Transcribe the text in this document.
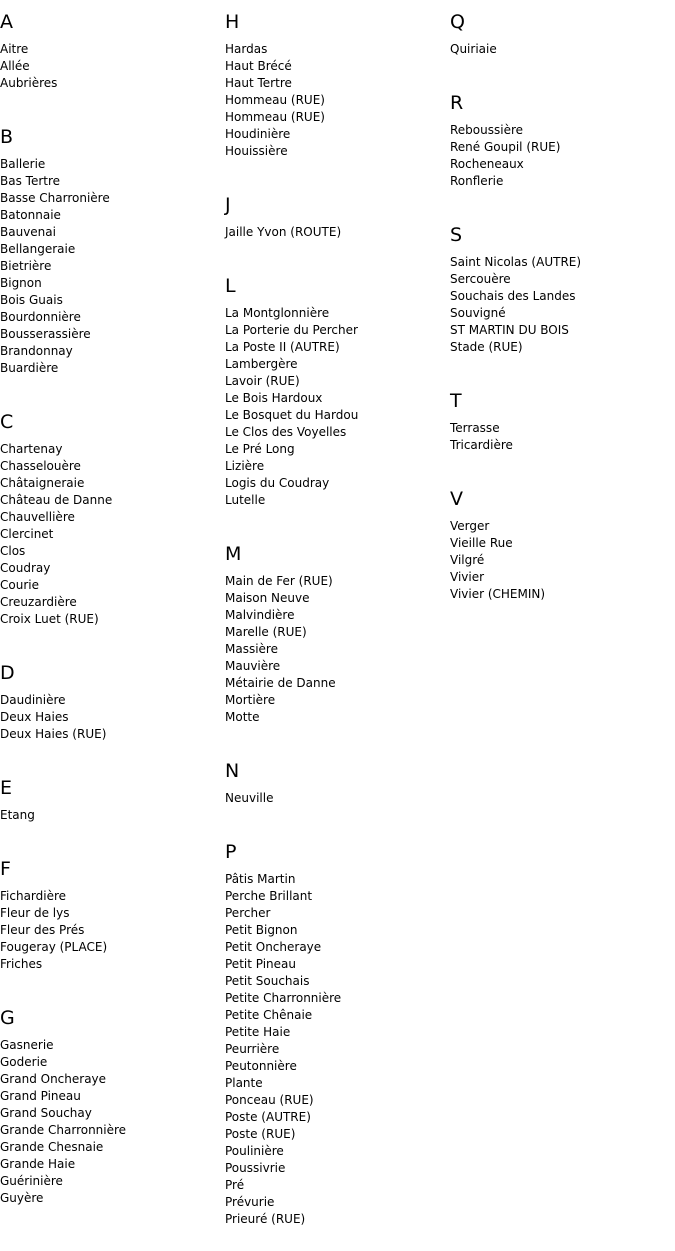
A
Aitre
Allée
Aubrières
B
Ballerie
Bas Tertre
Basse Charronière
Batonnaie
Bauvenai
Bellangeraie
Bietrière
Bignon
Bois Guais
Bourdonnière
Bousserassière
Brandonnay
Buardière
C
Chartenay
Chasselouère
Châtaigneraie
Château de Danne
Chauvellière
Clercinet
Clos
Coudray
Courie
Creuzardière
Croix Luet (RUE)
D
Daudinière
Deux Haies
Deux Haies (RUE)
E
Etang
F
Fichardière
Fleur de lys
Fleur des Prés
Fougeray (PLACE)
Friches
G
Gasnerie
Goderie
Grand Oncheraye
Grand Pineau
Grand Souchay
Grande Charronnière
Grande Chesnaie
Grande Haie
Guérinière
Guyère
H
Hardas
Haut Brécé
Haut Tertre
Hommeau (RUE)
Hommeau (RUE)
Houdinière
Houissière
J
Jaille Yvon (ROUTE)
L
La Montglonnière
La Porterie du Percher
La Poste II (AUTRE)
Lambergère
Lavoir (RUE)
Le Bois Hardoux
Le Bosquet du Hardou
Le Clos des Voyelles
Le Pré Long
Lizière
Logis du Coudray
Lutelle
M
Main de Fer (RUE)
Maison Neuve
Malvindière
Marelle (RUE)
Massière
Mauvière
Métairie de Danne
Mortière
Motte
N
Neuville
P
Pâtis Martin
Perche Brillant
Percher
Petit Bignon
Petit Oncheraye
Petit Pineau
Petit Souchais
Petite Charronnière
Petite Chênaie
Petite Haie
Peurrière
Peutonnière
Plante
Ponceau (RUE)
Poste (AUTRE)
Poste (RUE)
Poulinière
Poussivrie
Pré
Prévurie
Prieuré (RUE)
Q
Quiriaie
R
Reboussière
René Goupil (RUE)
Rocheneaux
Ronflerie
S
Saint Nicolas (AUTRE)
Sercouère
Souchais des Landes
Souvigné
ST MARTIN DU BOIS
Stade (RUE)
T
Terrasse
Tricardière
V
Verger
Vieille Rue
Vilgré
Vivier
Vivier (CHEMIN)
